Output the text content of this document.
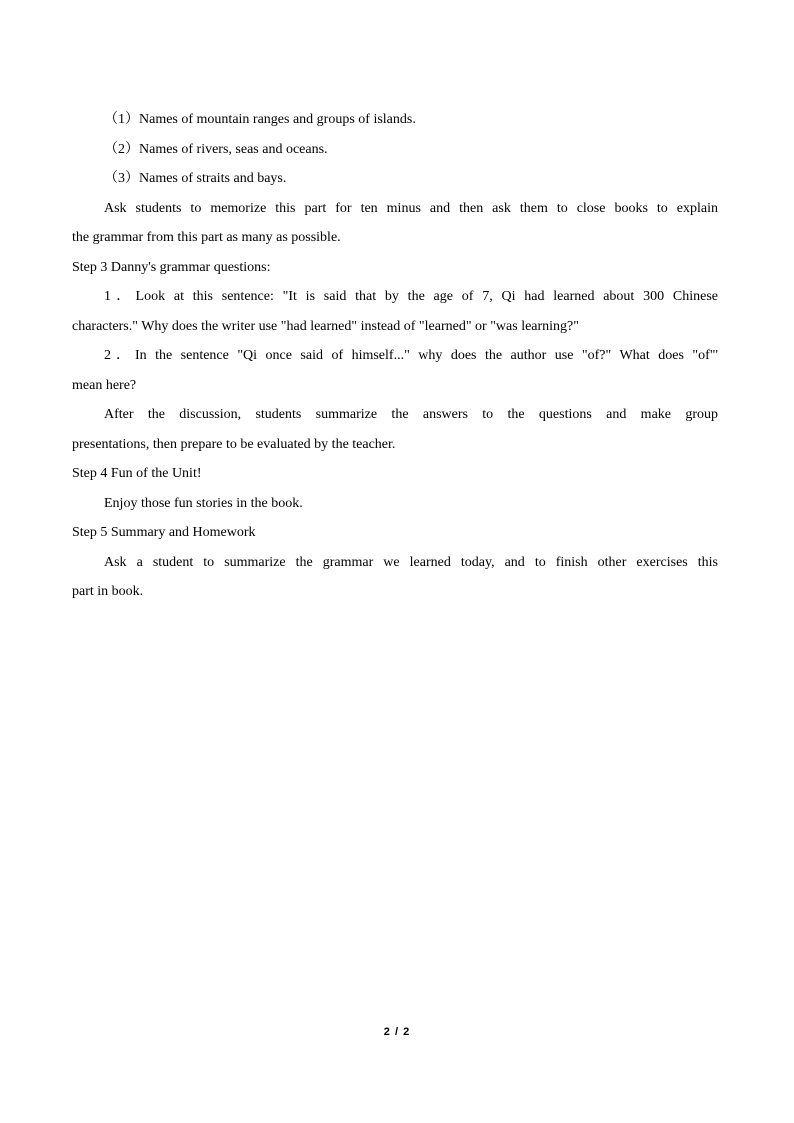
（1）Names of mountain ranges and groups of islands.

（2）Names of rivers, seas and oceans.

（3）Names of straits and bays.

Ask students to memorize this part for ten minus and then ask them to close books to explain

the grammar from this part as many as possible.

Step 3 Danny's grammar questions:

1．Look at this sentence: "It is said that by the age of 7, Qi had learned about 300 Chinese

characters." Why does the writer use "had learned" instead of "learned" or "was learning?"

2．In the sentence "Qi once said of himself..." why does the author use "of?" What does "of"'

mean here?

After the discussion, students summarize the answers to the questions and make group

presentations, then prepare to be evaluated by the teacher.

Step 4 Fun of the Unit!

Enjoy those fun stories in the book.

Step 5 Summary and Homework

Ask a student to summarize the grammar we learned today, and to finish other exercises this

part in book.

2 / 2
